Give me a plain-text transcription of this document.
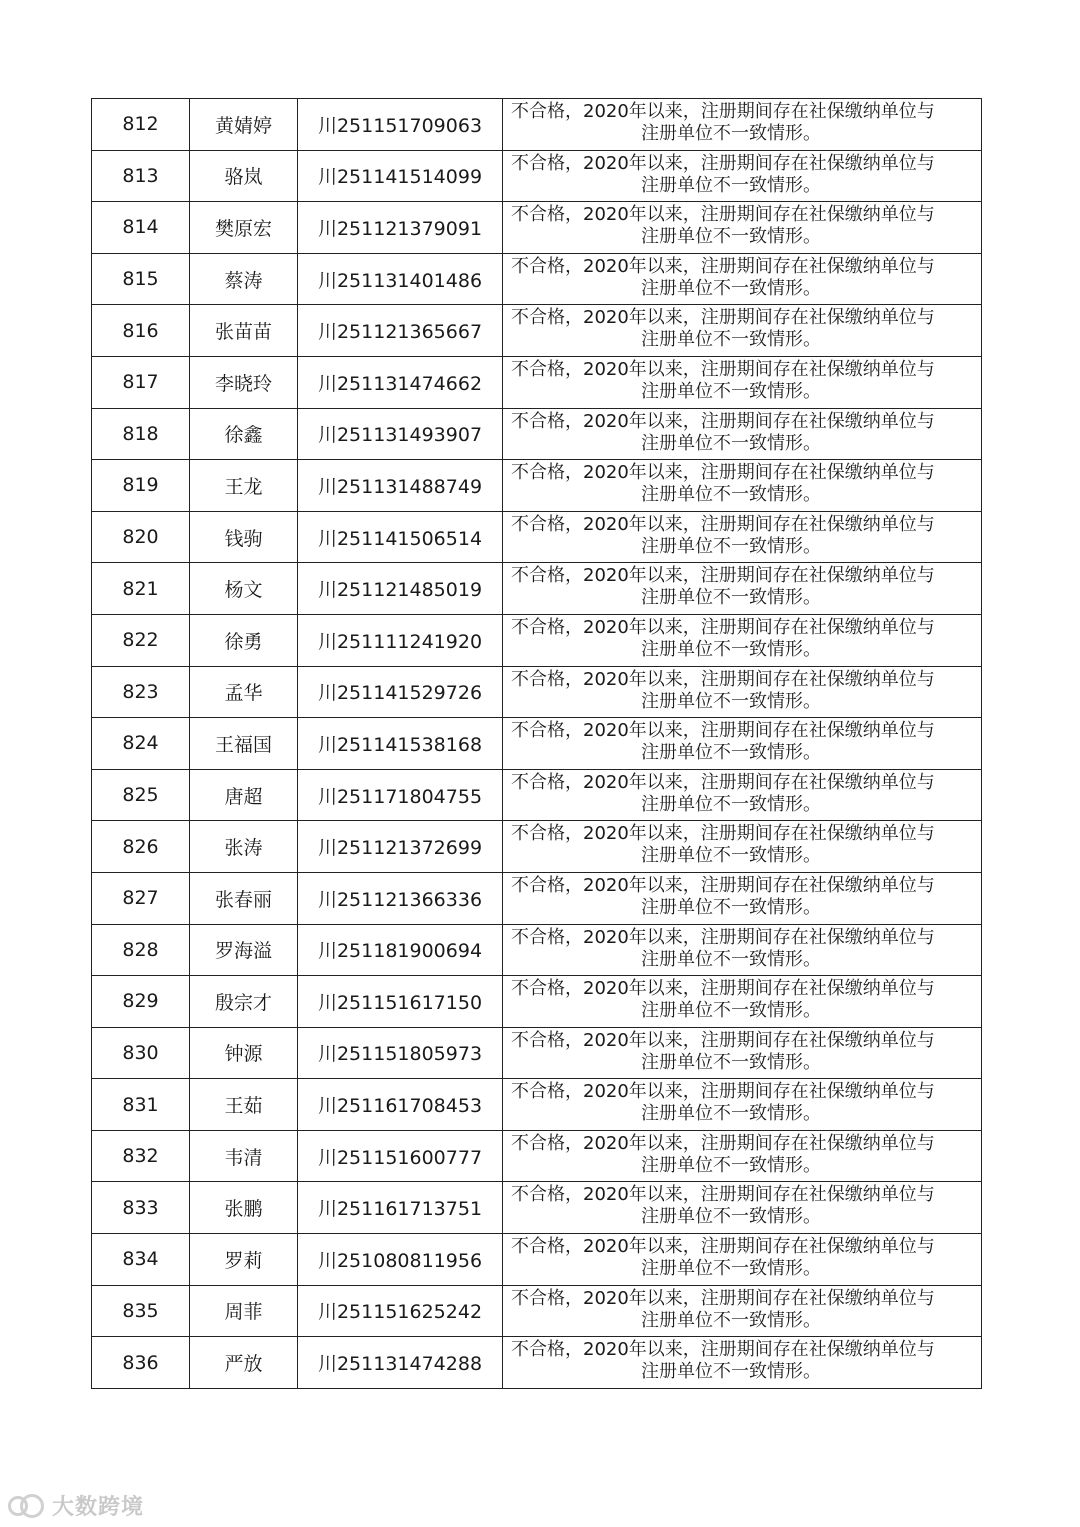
812	黄婧婷	川251151709063	不合格，2020年以来，注册期间存在社保缴纳单位与
注册单位不一致情形。

813	骆岚	川251141514099	不合格，2020年以来，注册期间存在社保缴纳单位与
注册单位不一致情形。

814	樊原宏	川251121379091	不合格，2020年以来，注册期间存在社保缴纳单位与
注册单位不一致情形。

815	蔡涛	川251131401486	不合格，2020年以来，注册期间存在社保缴纳单位与
注册单位不一致情形。

816	张苗苗	川251121365667	不合格，2020年以来，注册期间存在社保缴纳单位与
注册单位不一致情形。

817	李晓玲	川251131474662	不合格，2020年以来，注册期间存在社保缴纳单位与
注册单位不一致情形。

818	徐鑫	川251131493907	不合格，2020年以来，注册期间存在社保缴纳单位与
注册单位不一致情形。

819	王龙	川251131488749	不合格，2020年以来，注册期间存在社保缴纳单位与
注册单位不一致情形。

820	钱驹	川251141506514	不合格，2020年以来，注册期间存在社保缴纳单位与
注册单位不一致情形。

821	杨文	川251121485019	不合格，2020年以来，注册期间存在社保缴纳单位与
注册单位不一致情形。

822	徐勇	川251111241920	不合格，2020年以来，注册期间存在社保缴纳单位与
注册单位不一致情形。

823	孟华	川251141529726	不合格，2020年以来，注册期间存在社保缴纳单位与
注册单位不一致情形。

824	王福国	川251141538168	不合格，2020年以来，注册期间存在社保缴纳单位与
注册单位不一致情形。

825	唐超	川251171804755	不合格，2020年以来，注册期间存在社保缴纳单位与
注册单位不一致情形。

826	张涛	川251121372699	不合格，2020年以来，注册期间存在社保缴纳单位与
注册单位不一致情形。

827	张春丽	川251121366336	不合格，2020年以来，注册期间存在社保缴纳单位与
注册单位不一致情形。

828	罗海溢	川251181900694	不合格，2020年以来，注册期间存在社保缴纳单位与
注册单位不一致情形。

829	殷宗才	川251151617150	不合格，2020年以来，注册期间存在社保缴纳单位与
注册单位不一致情形。

830	钟源	川251151805973	不合格，2020年以来，注册期间存在社保缴纳单位与
注册单位不一致情形。

831	王茹	川251161708453	不合格，2020年以来，注册期间存在社保缴纳单位与
注册单位不一致情形。

832	韦清	川251151600777	不合格，2020年以来，注册期间存在社保缴纳单位与
注册单位不一致情形。

833	张鹏	川251161713751	不合格，2020年以来，注册期间存在社保缴纳单位与
注册单位不一致情形。

834	罗莉	川251080811956	不合格，2020年以来，注册期间存在社保缴纳单位与
注册单位不一致情形。

835	周菲	川251151625242	不合格，2020年以来，注册期间存在社保缴纳单位与
注册单位不一致情形。

836	严放	川251131474288	不合格，2020年以来，注册期间存在社保缴纳单位与
注册单位不一致情形。
大数跨境
